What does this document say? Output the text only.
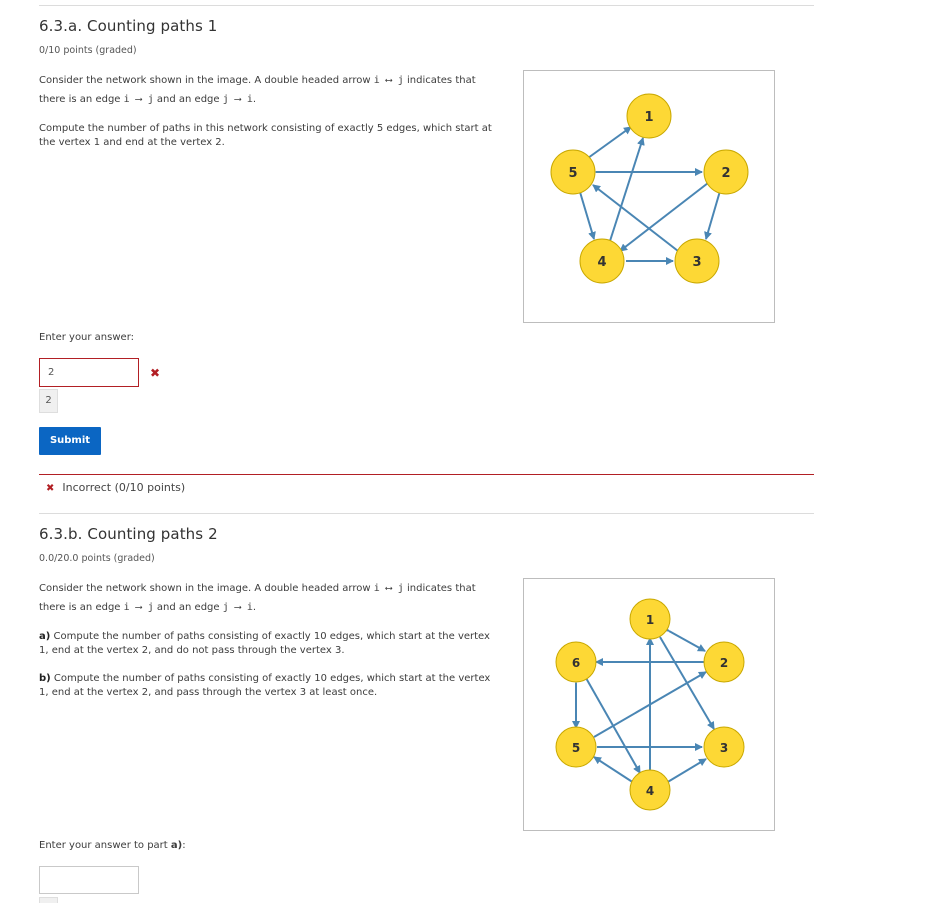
6.3.a. Counting paths 1
0/10 points (graded)
Consider the network shown in the image. A double headed arrow i ⟷ j indicates that
there is an edge i ⟶ j and an edge j ⟶ i.
Compute the number of paths in this network consisting of exactly 5 edges, which start at the vertex 1 and end at the vertex 2.
1
2
3
4
5
Enter your answer:
2	✖
2
Submit
✖ Incorrect (0/10 points)
6.3.b. Counting paths 2
0.0/20.0 points (graded)
Consider the network shown in the image. A double headed arrow i ⟷ j indicates that
there is an edge i ⟶ j and an edge j ⟶ i.
a) Compute the number of paths consisting of exactly 10 edges, which start at the vertex 1, end at the vertex 2, and do not pass through the vertex 3.
b) Compute the number of paths consisting of exactly 10 edges, which start at the vertex 1, end at the vertex 2, and pass through the vertex 3 at least once.
1
2
3
4
5
6
Enter your answer to part a):
